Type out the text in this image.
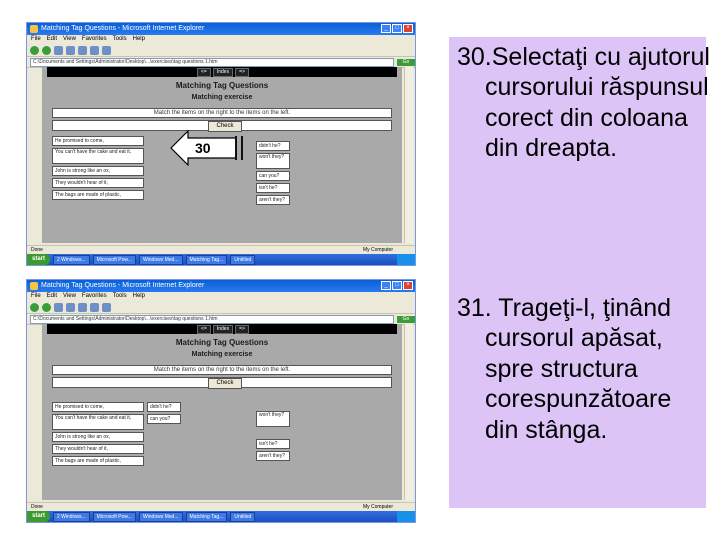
Matching Tag Questions - Microsoft Internet Explorer	_	□	×
File Edit View Favorites Tools Help
C:\Documents and Settings\Administrator\Desktop\...\exercises\tag questions 1.htm	Go
<=	Index	=>
Matching Tag Questions
Matching exercise
Match the items on the right to the items on the left.
Check
He promised to come,
You can't have the cake and eat it,
John is strong like an ox,
They wouldn't hear of it,
The bags are made of plastic,
didn't he?
won't they?
can you?
isn't he?
aren't they?
Done	My Computer
start	2 Windows...	Microsoft Pow...	Windows Med...	Matching Tag...	Untitled
30
Matching Tag Questions - Microsoft Internet Explorer	_	□	×
File Edit View Favorites Tools Help
C:\Documents and Settings\Administrator\Desktop\...\exercises\tag questions 1.htm	Go
<=	Index	=>
Matching Tag Questions
Matching exercise
Match the items on the right to the items on the left.
Check
He promised to come,
You can't have the cake and eat it,
John is strong like an ox,
They wouldn't hear of it,
The bags are made of plastic,
didn't he?
can you?
won't they?
isn't he?
aren't they?
Done	My Computer
start	2 Windows...	Microsoft Pow...	Windows Med...	Matching Tag...	Untitled
30.Selectaţi cu ajutorul cursorului răspunsul corect din coloana din dreapta.
31. Trageţi-l, ţinând cursorul apăsat, spre structura corespunzătoare din stânga.
